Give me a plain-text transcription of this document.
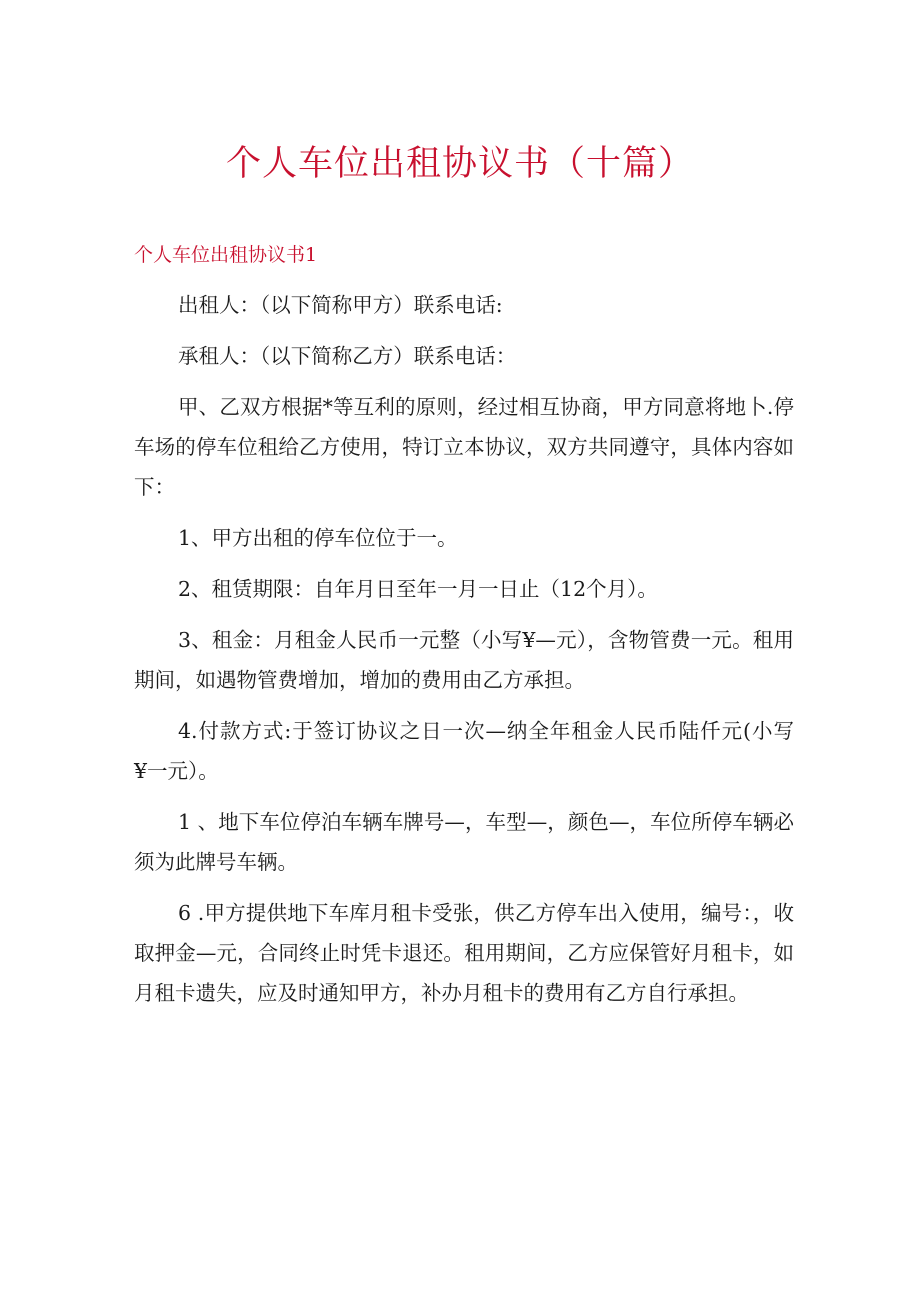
个人车位出租协议书（十篇）
个人车位出租协议书1

出租人：（以下简称甲方）联系电话:

承租人：（以下简称乙方）联系电话：

甲、乙双方根据*等互利的原则，经过相互协商，甲方同意将地卜.停车场的停车位租给乙方使用，特订立本协议，双方共同遵守，具体内容如下：

1、甲方出租的停车位位于一。

2、租赁期限：自年月日至年一月一日止（12个月）。

3、租金：月租金人民币一元整（小写¥—元），含物管费一元。租用期间，如遇物管费增加，增加的费用由乙方承担。

4.付款方式:于签订协议之日一次—纳全年租金人民币陆仟元(小写¥一元）。

1 、地下车位停泊车辆车牌号—，车型—，颜色—，车位所停车辆必须为此牌号车辆。

6 .甲方提供地下车库月租卡受张，供乙方停车出入使用，编号：，收取押金—元，合同终止时凭卡退还。租用期间，乙方应保管好月租卡，如月租卡遗失，应及时通知甲方，补办月租卡的费用有乙方自行承担。
